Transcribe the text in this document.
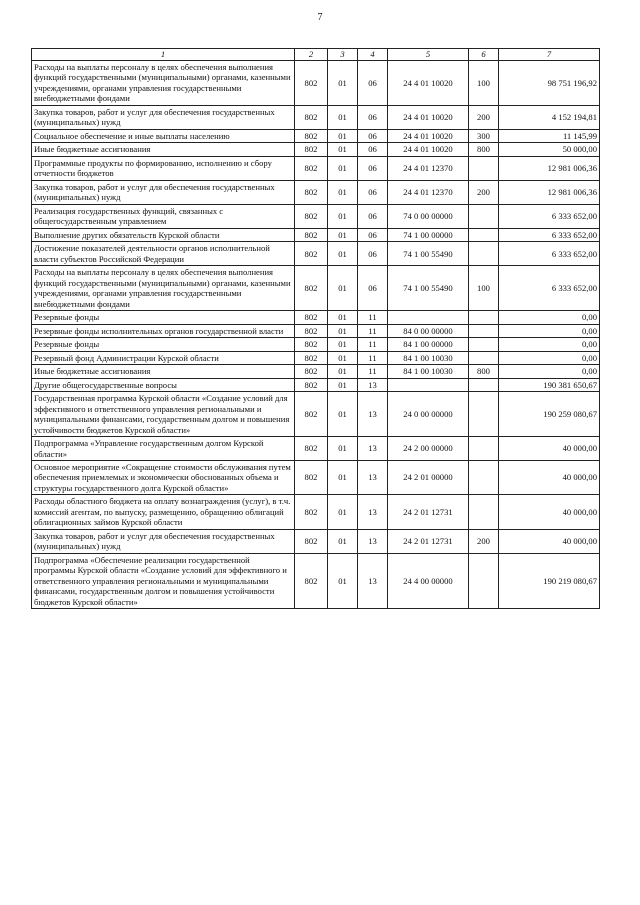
7
1	2	3	4	5	6	7
Расходы на выплаты персоналу в целях обеспечения выполнения функций государственными (муниципальными) органами, казенными учреждениями, органами управления государственными внебюджетными фондами	802	01	06	24 4 01 10020	100	98 751 196,92
Закупка товаров, работ и услуг для обеспечения государственных (муниципальных) нужд	802	01	06	24 4 01 10020	200	4 152 194,81
Социальное обеспечение и иные выплаты населению	802	01	06	24 4 01 10020	300	11 145,99
Иные бюджетные ассигнования	802	01	06	24 4 01 10020	800	50 000,00
Программные продукты по формированию, исполнению и сбору отчетности бюджетов	802	01	06	24 4 01 12370		12 981 006,36
Закупка товаров, работ и услуг для обеспечения государственных (муниципальных) нужд	802	01	06	24 4 01 12370	200	12 981 006,36
Реализация государственных функций, связанных с общегосударственным управлением	802	01	06	74 0 00 00000		6 333 652,00
Выполнение других обязательств Курской области	802	01	06	74 1 00 00000		6 333 652,00
Достижение показателей деятельности органов исполнительной власти субъектов Российской Федерации	802	01	06	74 1 00 55490		6 333 652,00
Расходы на выплаты персоналу в целях обеспечения выполнения функций государственными (муниципальными) органами, казенными учреждениями, органами управления государственными внебюджетными фондами	802	01	06	74 1 00 55490	100	6 333 652,00
Резервные фонды	802	01	11			0,00
Резервные фонды исполнительных органов государственной власти	802	01	11	84 0 00 00000		0,00
Резервные фонды	802	01	11	84 1 00 00000		0,00
Резервный фонд Администрации Курской области	802	01	11	84 1 00 10030		0,00
Иные бюджетные ассигнования	802	01	11	84 1 00 10030	800	0,00
Другие общегосударственные вопросы	802	01	13			190 381 650,67
Государственная программа Курской области «Создание условий для эффективного и ответственного управления региональными и муниципальными финансами, государственным долгом и повышения устойчивости бюджетов Курской области»	802	01	13	24 0 00 00000		190 259 080,67
Подпрограмма «Управление государственным долгом Курской области»	802	01	13	24 2 00 00000		40 000,00
Основное мероприятие «Сокращение стоимости обслуживания путем обеспечения приемлемых и экономически обоснованных объема и структуры государственного долга Курской области»	802	01	13	24 2 01 00000		40 000,00
Расходы областного бюджета на оплату вознаграждения (услуг), в т.ч. комиссий агентам, по выпуску, размещению, обращению облигаций облигационных займов Курской области	802	01	13	24 2 01 12731		40 000,00
Закупка товаров, работ и услуг для обеспечения государственных (муниципальных) нужд	802	01	13	24 2 01 12731	200	40 000,00
Подпрограмма «Обеспечение реализации государственной программы Курской области «Создание условий для эффективного и ответственного управления региональными и муниципальными финансами, государственным долгом и повышения устойчивости бюджетов Курской области»	802	01	13	24 4 00 00000		190 219 080,67
